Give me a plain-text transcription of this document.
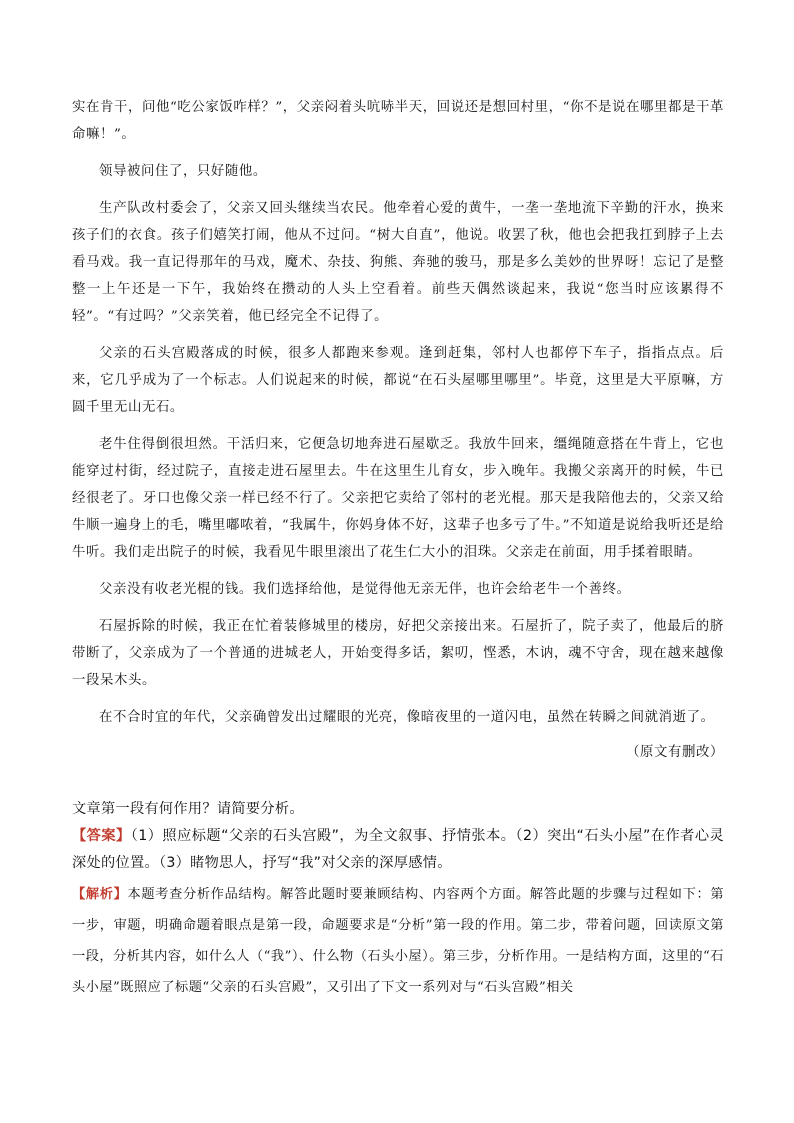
实在肯干，问他“吃公家饭咋样？”，父亲闷着头吭哧半天，回说还是想回村里，“你不是说在哪里都是干革命嘛！”。

领导被问住了，只好随他。

生产队改村委会了，父亲又回头继续当农民。他牵着心爱的黄牛，一垄一垄地流下辛勤的汗水，换来孩子们的衣食。孩子们嬉笑打闹，他从不过问。“树大自直”，他说。收罢了秋，他也会把我扛到脖子上去看马戏。我一直记得那年的马戏，魔术、杂技、狗熊、奔驰的骏马，那是多么美妙的世界呀！忘记了是整整一上午还是一下午，我始终在攒动的人头上空看着。前些天偶然谈起来，我说“您当时应该累得不轻”。“有过吗？”父亲笑着，他已经完全不记得了。

父亲的石头宫殿落成的时候，很多人都跑来参观。逢到赶集，邻村人也都停下车子，指指点点。后来，它几乎成为了一个标志。人们说起来的时候，都说“在石头屋哪里哪里”。毕竟，这里是大平原嘛，方圆千里无山无石。

老牛住得倒很坦然。干活归来，它便急切地奔进石屋歇乏。我放牛回来，缰绳随意搭在牛背上，它也能穿过村街，经过院子，直接走进石屋里去。牛在这里生儿育女，步入晚年。我搬父亲离开的时候，牛已经很老了。牙口也像父亲一样已经不行了。父亲把它卖给了邻村的老光棍。那天是我陪他去的，父亲又给牛顺一遍身上的毛，嘴里嘟哝着，“我属牛，你妈身体不好，这辈子也多亏了牛。”不知道是说给我听还是给牛听。我们走出院子的时候，我看见牛眼里滚出了花生仁大小的泪珠。父亲走在前面，用手揉着眼睛。

父亲没有收老光棍的钱。我们选择给他，是觉得他无亲无伴，也许会给老牛一个善终。

石屋拆除的时候，我正在忙着装修城里的楼房，好把父亲接出来。石屋折了，院子卖了，他最后的脐带断了，父亲成为了一个普通的进城老人，开始变得多话，絮叨，悭悉，木讷，魂不守舍，现在越来越像一段呆木头。

在不合时宜的年代，父亲确曾发出过耀眼的光亮，像暗夜里的一道闪电，虽然在转瞬之间就消逝了。

（原文有删改）

文章第一段有何作用？请简要分析。

【答案】（1）照应标题“父亲的石头宫殿”，为全文叙事、抒情张本。（2）突出“石头小屋”在作者心灵深处的位置。（3）睹物思人，抒写“我”对父亲的深厚感情。

【解析】本题考查分析作品结构。解答此题时要兼顾结构、内容两个方面。解答此题的步骤与过程如下：第一步，审题，明确命题着眼点是第一段，命题要求是“分析”第一段的作用。第二步，带着问题，回读原文第一段，分析其内容，如什么人（“我”）、什么物（石头小屋）。第三步，分析作用。一是结构方面，这里的“石头小屋”既照应了标题“父亲的石头宫殿”，又引出了下文一系列对与“石头宫殿”相关
